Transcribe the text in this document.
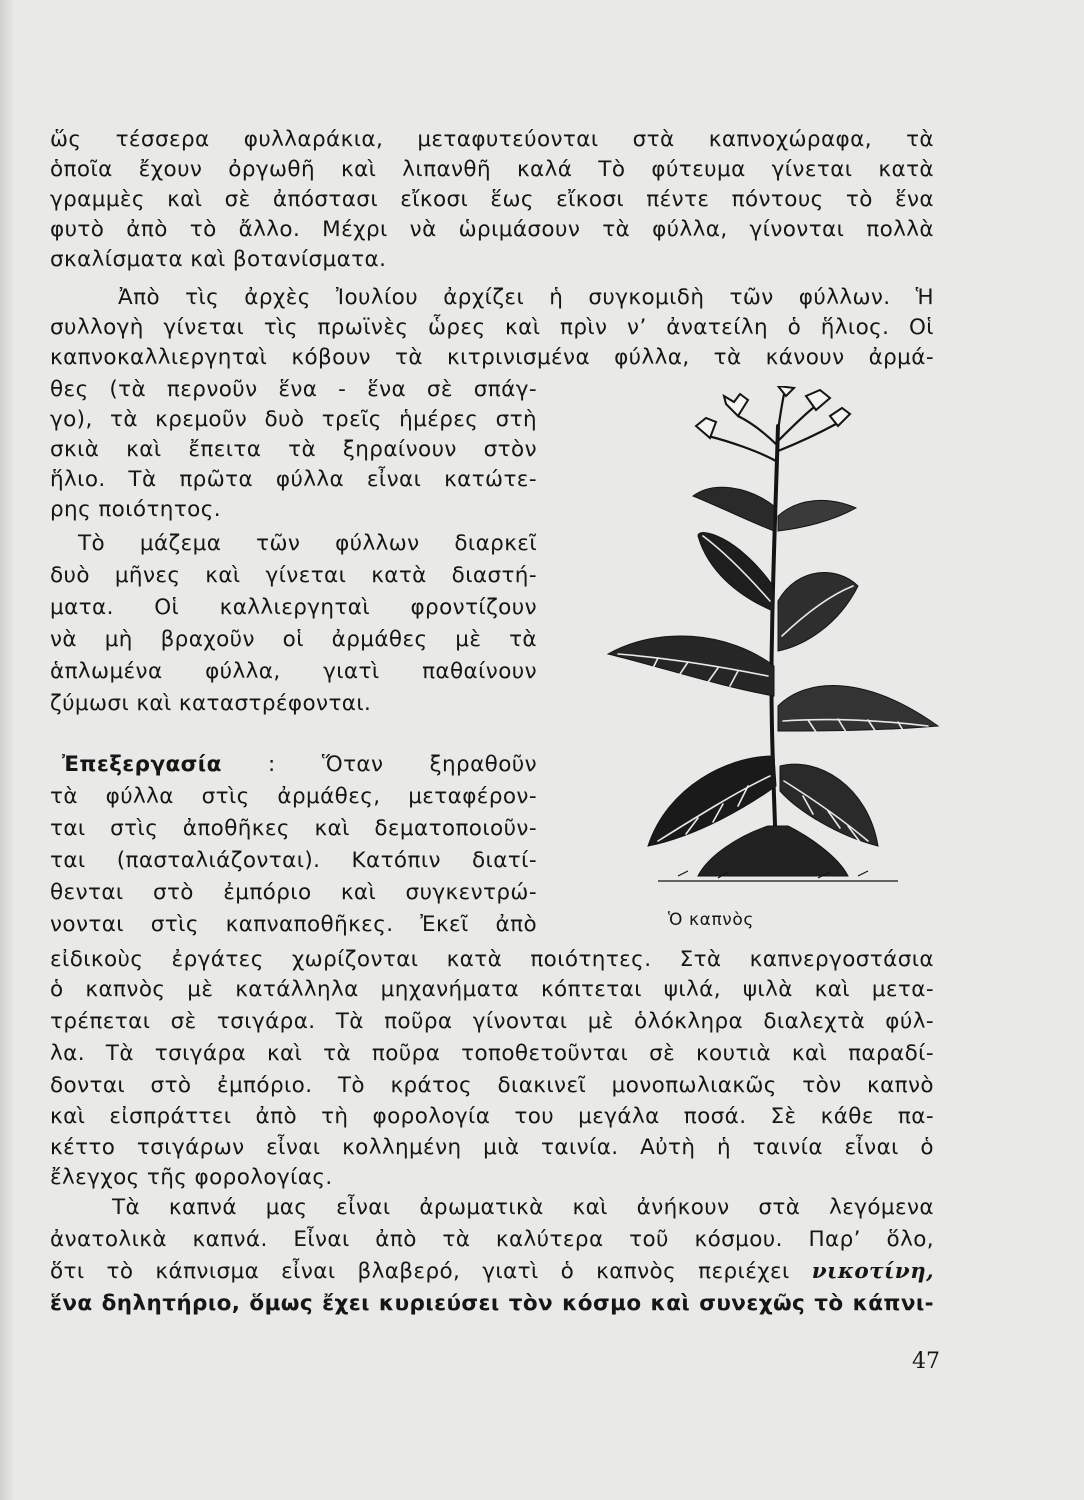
ὥς τέσσερα φυλλαράκια, μεταφυτεύονται στὰ καπνοχώραφα, τὰ
ὁποῖα ἔχουν ὀργωθῆ καὶ λιπανθῆ καλά Τὸ φύτευμα γίνεται κατὰ
γραμμὲς καὶ σὲ ἀπόστασι εἴκοσι ἕως εἴκοσι πέντε πόντους τὸ ἕνα
φυτὸ ἀπὸ τὸ ἄλλο. Μέχρι νὰ ὡριμάσουν τὰ φύλλα, γίνονται πολλὰ
σκαλίσματα καὶ βοτανίσματα.
Ἀπὸ τὶς ἀρχὲς Ἰουλίου ἀρχίζει ἡ συγκομιδὴ τῶν φύλλων. Ἡ
συλλογὴ γίνεται τὶς πρωϊνὲς ὧρες καὶ πρὶν ν’ ἀνατείλη ὁ ἥλιος. Οἱ
καπνοκαλλιεργηταὶ κόβουν τὰ κιτρινισμένα φύλλα, τὰ κάνουν ἀρμά-
θες (τὰ περνοῦν ἕνα - ἕνα σὲ σπάγ-
γο), τὰ κρεμοῦν δυὸ τρεῖς ἡμέρες στὴ
σκιὰ καὶ ἔπειτα τὰ ξηραίνουν στὸν
ἥλιο. Τὰ πρῶτα φύλλα εἶναι κατώτε-
ρης ποιότητος.
Τὸ μάζεμα τῶν φύλλων διαρκεῖ
δυὸ μῆνες καὶ γίνεται κατὰ διαστή-
ματα. Οἱ καλλιεργηταὶ φροντίζουν
νὰ μὴ βραχοῦν οἱ ἀρμάθες μὲ τὰ
ἁπλωμένα φύλλα, γιατὶ παθαίνουν
ζύμωσι καὶ καταστρέφονται.
Ἐπεξεργασία : Ὅταν ξηραθοῦν
τὰ φύλλα στὶς ἀρμάθες, μεταφέρον-
ται στὶς ἀποθῆκες καὶ δεματοποιοῦν-
ται (πασταλιάζονται). Κατόπιν διατί-
θενται στὸ ἐμπόριο καὶ συγκεντρώ-
νονται στὶς καπναποθῆκες. Ἐκεῖ ἀπὸ
εἰδικοὺς ἐργάτες χωρίζονται κατὰ ποιότητες. Στὰ καπνεργοστάσια
ὁ καπνὸς μὲ κατάλληλα μηχανήματα κόπτεται ψιλά, ψιλὰ καὶ μετα-
τρέπεται σὲ τσιγάρα. Τὰ ποῦρα γίνονται μὲ ὁλόκληρα διαλεχτὰ φύλ-
λα. Τὰ τσιγάρα καὶ τὰ ποῦρα τοποθετοῦνται σὲ κουτιὰ καὶ παραδί-
δονται στὸ ἐμπόριο. Τὸ κράτος διακινεῖ μονοπωλιακῶς τὸν καπνὸ
καὶ εἰσπράττει ἀπὸ τὴ φορολογία του μεγάλα ποσά. Σὲ κάθε πα-
κέττο τσιγάρων εἶναι κολλημένη μιὰ ταινία. Αὐτὴ ἡ ταινία εἶναι ὁ
ἔλεγχος τῆς φορολογίας.
Τὰ καπνά μας εἶναι ἀρωματικὰ καὶ ἀνήκουν στὰ λεγόμενα
ἀνατολικὰ καπνά. Εἶναι ἀπὸ τὰ καλύτερα τοῦ κόσμου. Παρ’ ὅλο,
ὅτι τὸ κάπνισμα εἶναι βλαβερό, γιατὶ ὁ καπνὸς περιέχει νικοτίνη,
ἕνα δηλητήριο, ὅμως ἔχει κυριεύσει τὸν κόσμο καὶ συνεχῶς τὸ κάπνι-
Ὁ καπνὸς
47
